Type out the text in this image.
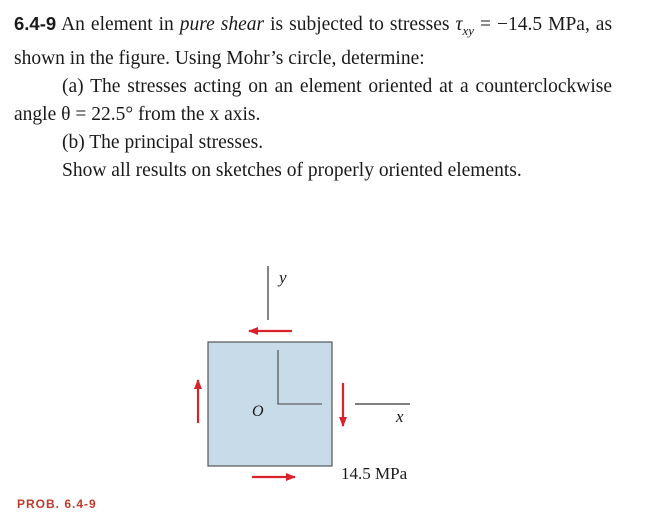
6.4-9 An element in pure shear is subjected to stresses $\tau_{xy} = -14.5$ MPa, as shown in the figure. Using Mohr’s circle, determine:

(a) The stresses acting on an element oriented at a counterclockwise angle θ = 22.5° from the x axis.

(b) The principal stresses.

Show all results on sketches of properly oriented elements.

y
O	x
14.5 MPa
PROB. 6.4-9
